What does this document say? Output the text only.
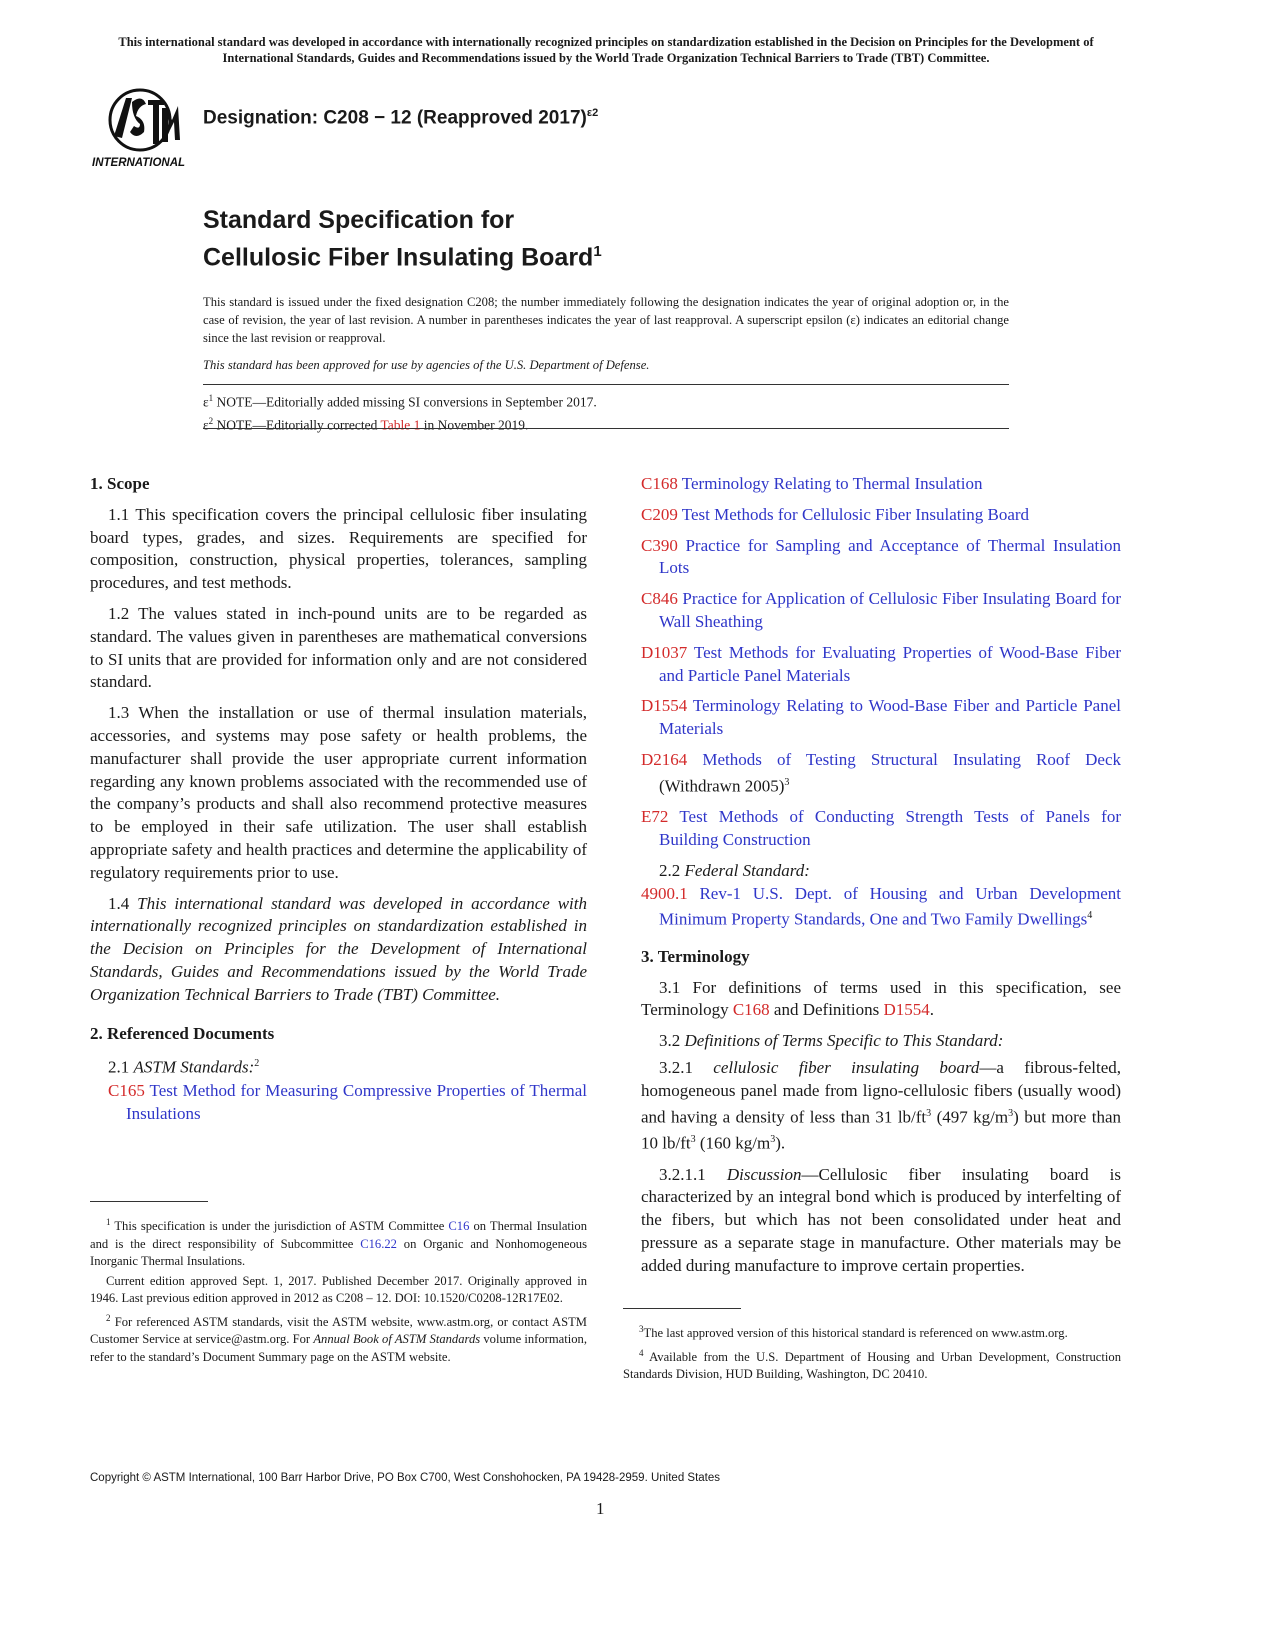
This international standard was developed in accordance with internationally recognized principles on standardization established in the Decision on Principles for the Development of International Standards, Guides and Recommendations issued by the World Trade Organization Technical Barriers to Trade (TBT) Committee.
INTERNATIONAL
Designation: C208 − 12 (Reapproved 2017)$^{\varepsilon 2}$
Standard Specification for
Cellulosic Fiber Insulating Board$^1$
This standard is issued under the fixed designation C208; the number immediately following the designation indicates the year of original adoption or, in the case of revision, the year of last revision. A number in parentheses indicates the year of last reapproval. A superscript epsilon (ε) indicates an editorial change since the last revision or reapproval.
This standard has been approved for use by agencies of the U.S. Department of Defense.
$\varepsilon^1$ NOTE—Editorially added missing SI conversions in September 2017.
$\varepsilon^2$ NOTE—Editorially corrected Table 1 in November 2019.
1. Scope

1.1 This specification covers the principal cellulosic fiber insulating board types, grades, and sizes. Requirements are specified for composition, construction, physical properties, tolerances, sampling procedures, and test methods.

1.2 The values stated in inch-pound units are to be regarded as standard. The values given in parentheses are mathematical conversions to SI units that are provided for information only and are not considered standard.

1.3 When the installation or use of thermal insulation materials, accessories, and systems may pose safety or health problems, the manufacturer shall provide the user appropriate current information regarding any known problems associated with the recommended use of the company’s products and shall also recommend protective measures to be employed in their safe utilization. The user shall establish appropriate safety and health practices and determine the applicability of regulatory requirements prior to use.

1.4 This international standard was developed in accordance with internationally recognized principles on standardization established in the Decision on Principles for the Development of International Standards, Guides and Recommendations issued by the World Trade Organization Technical Barriers to Trade (TBT) Committee.

2. Referenced Documents

2.1 ASTM Standards:$^2$

C165 Test Method for Measuring Compressive Properties of Thermal Insulations

$^1$ This specification is under the jurisdiction of ASTM Committee C16 on Thermal Insulation and is the direct responsibility of Subcommittee C16.22 on Organic and Nonhomogeneous Inorganic Thermal Insulations.

Current edition approved Sept. 1, 2017. Published December 2017. Originally approved in 1946. Last previous edition approved in 2012 as C208 – 12. DOI: 10.1520/C0208-12R17E02.

$^2$ For referenced ASTM standards, visit the ASTM website, www.astm.org, or contact ASTM Customer Service at service@astm.org. For Annual Book of ASTM Standards volume information, refer to the standard’s Document Summary page on the ASTM website.

C168 Terminology Relating to Thermal Insulation

C209 Test Methods for Cellulosic Fiber Insulating Board

C390 Practice for Sampling and Acceptance of Thermal Insulation Lots

C846 Practice for Application of Cellulosic Fiber Insulating Board for Wall Sheathing

D1037 Test Methods for Evaluating Properties of Wood-Base Fiber and Particle Panel Materials

D1554 Terminology Relating to Wood-Base Fiber and Particle Panel Materials

D2164 Methods of Testing Structural Insulating Roof Deck (Withdrawn 2005)$^3$

E72 Test Methods of Conducting Strength Tests of Panels for Building Construction

2.2 Federal Standard:

4900.1 Rev-1 U.S. Dept. of Housing and Urban Development Minimum Property Standards, One and Two Family Dwellings$^4$

3. Terminology

3.1 For definitions of terms used in this specification, see Terminology C168 and Definitions D1554.

3.2 Definitions of Terms Specific to This Standard:

3.2.1 cellulosic fiber insulating board—a fibrous-felted, homogeneous panel made from ligno-cellulosic fibers (usually wood) and having a density of less than 31 $lb/ft^3$ (497 $kg/m^3$) but more than 10 $lb/ft^3$ (160 $kg/m^3$).

3.2.1.1 Discussion—Cellulosic fiber insulating board is characterized by an integral bond which is produced by interfelting of the fibers, but which has not been consolidated under heat and pressure as a separate stage in manufacture. Other materials may be added during manufacture to improve certain properties.

$^3$The last approved version of this historical standard is referenced on www.astm.org.

$^4$ Available from the U.S. Department of Housing and Urban Development, Construction Standards Division, HUD Building, Washington, DC 20410.

Copyright © ASTM International, 100 Barr Harbor Drive, PO Box C700, West Conshohocken, PA 19428-2959. United States
1
